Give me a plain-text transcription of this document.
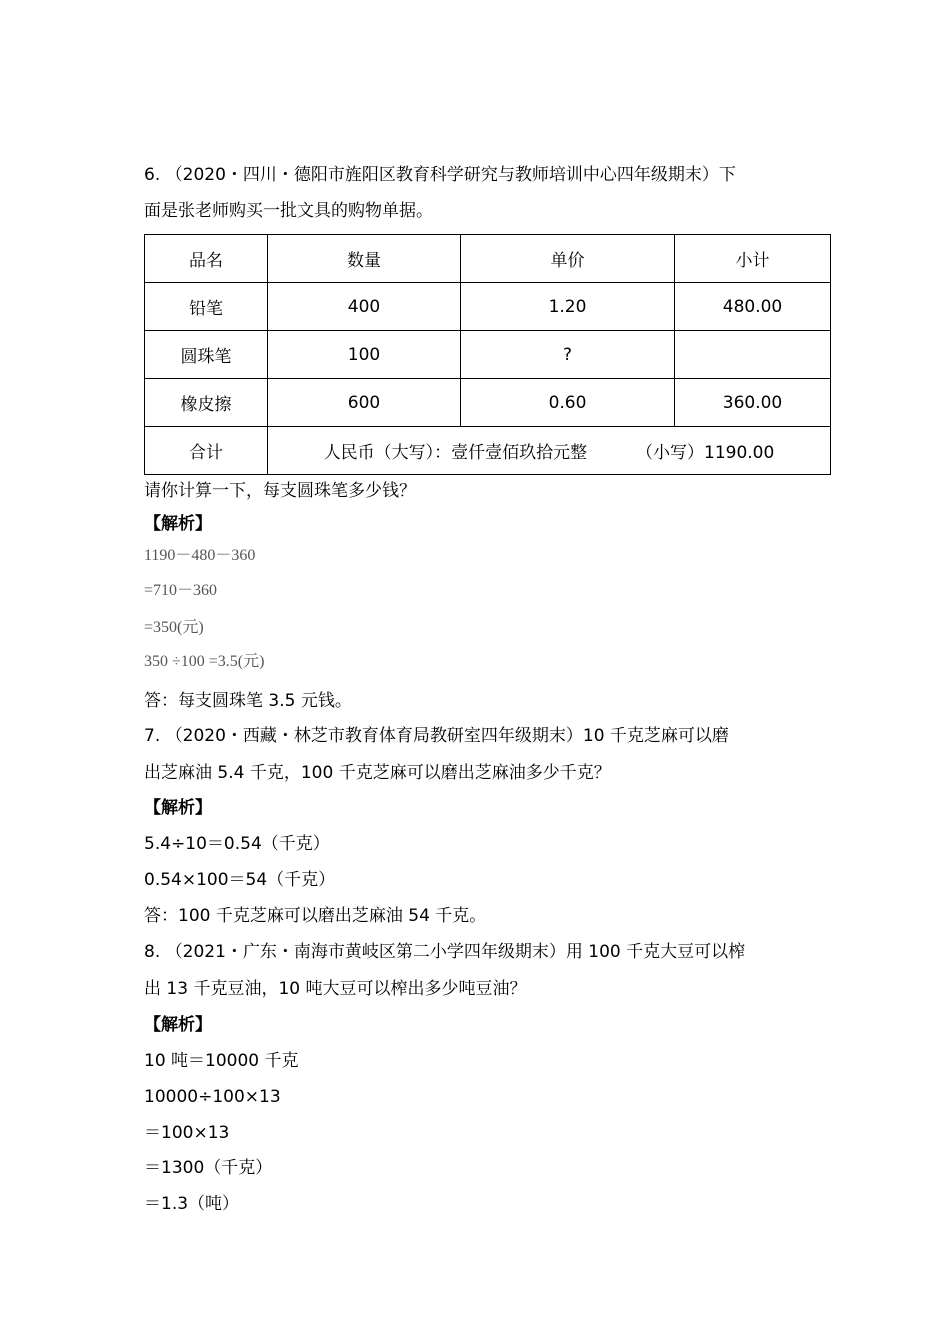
6. （2020・四川・德阳市旌阳区教育科学研究与教师培训中心四年级期末）下
面是张老师购买一批文具的购物单据。
品名	数量	单价	小计
铅笔	400	1.20	480.00
圆珠笔	100	?	
橡皮擦	600	0.60	360.00
合计	人民币（大写）：壹仟壹佰玖拾元整 （小写）1190.00		
请你计算一下，每支圆珠笔多少钱？
【解析】
1190－480－360
=710－360
=350(元)
350 ÷100 =3.5(元)
答：每支圆珠笔 3.5 元钱。
7. （2020・西藏・林芝市教育体育局教研室四年级期末）10 千克芝麻可以磨
出芝麻油 5.4 千克，100 千克芝麻可以磨出芝麻油多少千克？
【解析】
5.4÷10＝0.54（千克）
0.54×100＝54（千克）
答：100 千克芝麻可以磨出芝麻油 54 千克。
8. （2021・广东・南海市黄岐区第二小学四年级期末）用 100 千克大豆可以榨
出 13 千克豆油，10 吨大豆可以榨出多少吨豆油？
【解析】
10 吨＝10000 千克
10000÷100×13
＝100×13
＝1300（千克）
＝1.3（吨）
